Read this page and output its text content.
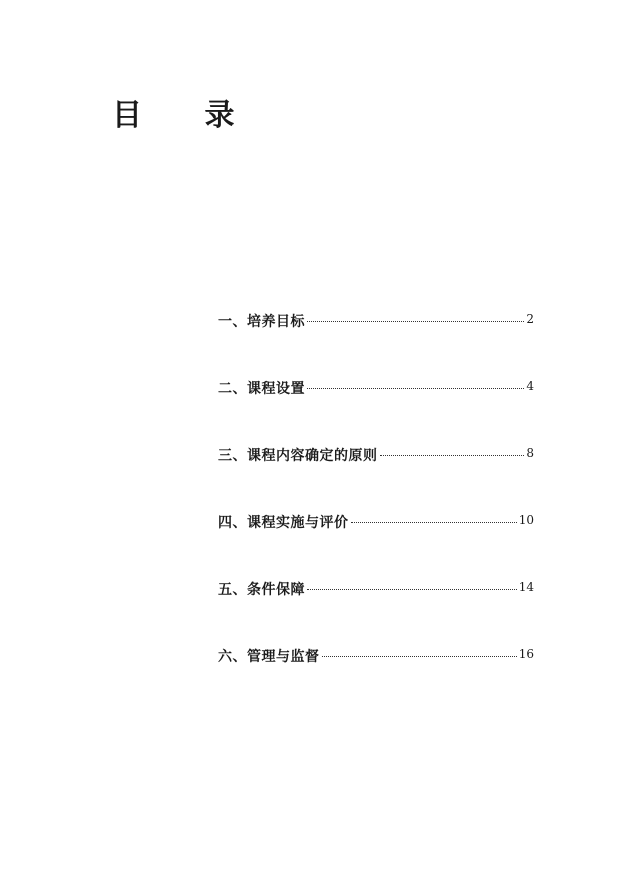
目 录
一、培养目标	2
二、课程设置	4
三、课程内容确定的原则	8
四、课程实施与评价	10
五、条件保障	14
六、管理与监督	16
